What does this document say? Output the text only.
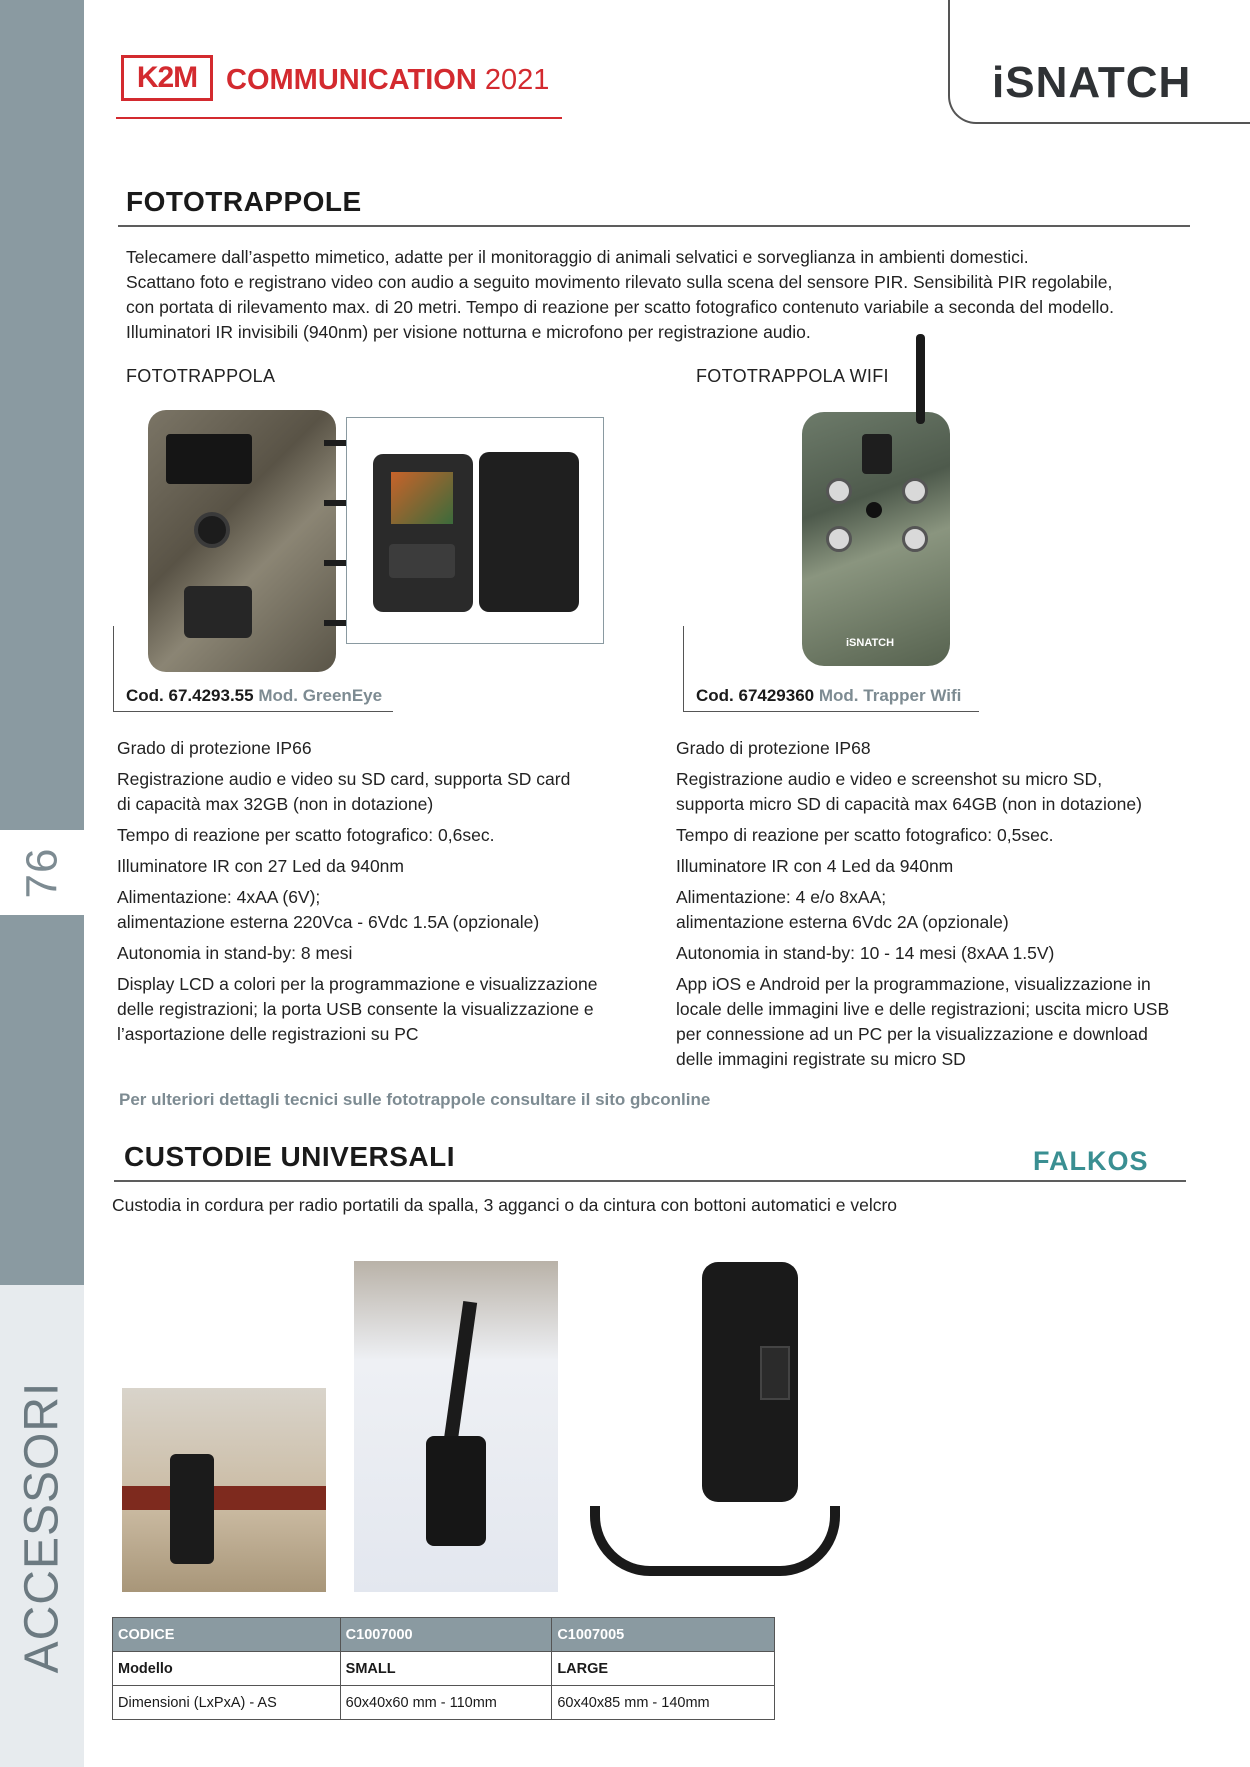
76
ACCESSORI
K2M COMMUNICATION 2021	iSNATCH
FOTOTRAPPOLE
Telecamere dall’aspetto mimetico, adatte per il monitoraggio di animali selvatici e sorveglianza in ambienti domestici.
Scattano foto e registrano video con audio a seguito movimento rilevato sulla scena del sensore PIR. Sensibilità PIR regolabile,
con portata di rilevamento max. di 20 metri. Tempo di reazione per scatto fotografico contenuto variabile a seconda del modello.
Illuminatori IR invisibili (940nm) per visione notturna e microfono per registrazione audio.
FOTOTRAPPOLA	FOTOTRAPPOLA WIFI
iSNATCH
Cod. 67.4293.55 Mod. GreenEye	Cod. 67429360 Mod. Trapper Wifi
Grado di protezione IP66
Registrazione audio e video su SD card, supporta SD card
di capacità max 32GB (non in dotazione)
Tempo di reazione per scatto fotografico: 0,6sec.
Illuminatore IR con 27 Led da 940nm
Alimentazione: 4xAA (6V);
alimentazione esterna 220Vca - 6Vdc 1.5A (opzionale)
Autonomia in stand-by: 8 mesi
Display LCD a colori per la programmazione e visualizzazione
delle registrazioni; la porta USB consente la visualizzazione e
l’asportazione delle registrazioni su PC
Grado di protezione IP68
Registrazione audio e video e screenshot su micro SD,
supporta micro SD di capacità max 64GB (non in dotazione)
Tempo di reazione per scatto fotografico: 0,5sec.
Illuminatore IR con 4 Led da 940nm
Alimentazione: 4 e/o 8xAA;
alimentazione esterna 6Vdc 2A (opzionale)
Autonomia in stand-by: 10 - 14 mesi (8xAA 1.5V)
App iOS e Android per la programmazione, visualizzazione in
locale delle immagini live e delle registrazioni; uscita micro USB
per connessione ad un PC per la visualizzazione e download
delle immagini registrate su micro SD
Per ulteriori dettagli tecnici sulle fototrappole consultare il sito gbconline
CUSTODIE UNIVERSALI	FALKOS
Custodia in cordura per radio portatili da spalla, 3 agganci o da cintura con bottoni automatici e velcro
CODICE	C1007000	C1007005
Modello	SMALL	LARGE
Dimensioni (LxPxA) - AS	60x40x60 mm - 110mm	60x40x85 mm - 140mm
